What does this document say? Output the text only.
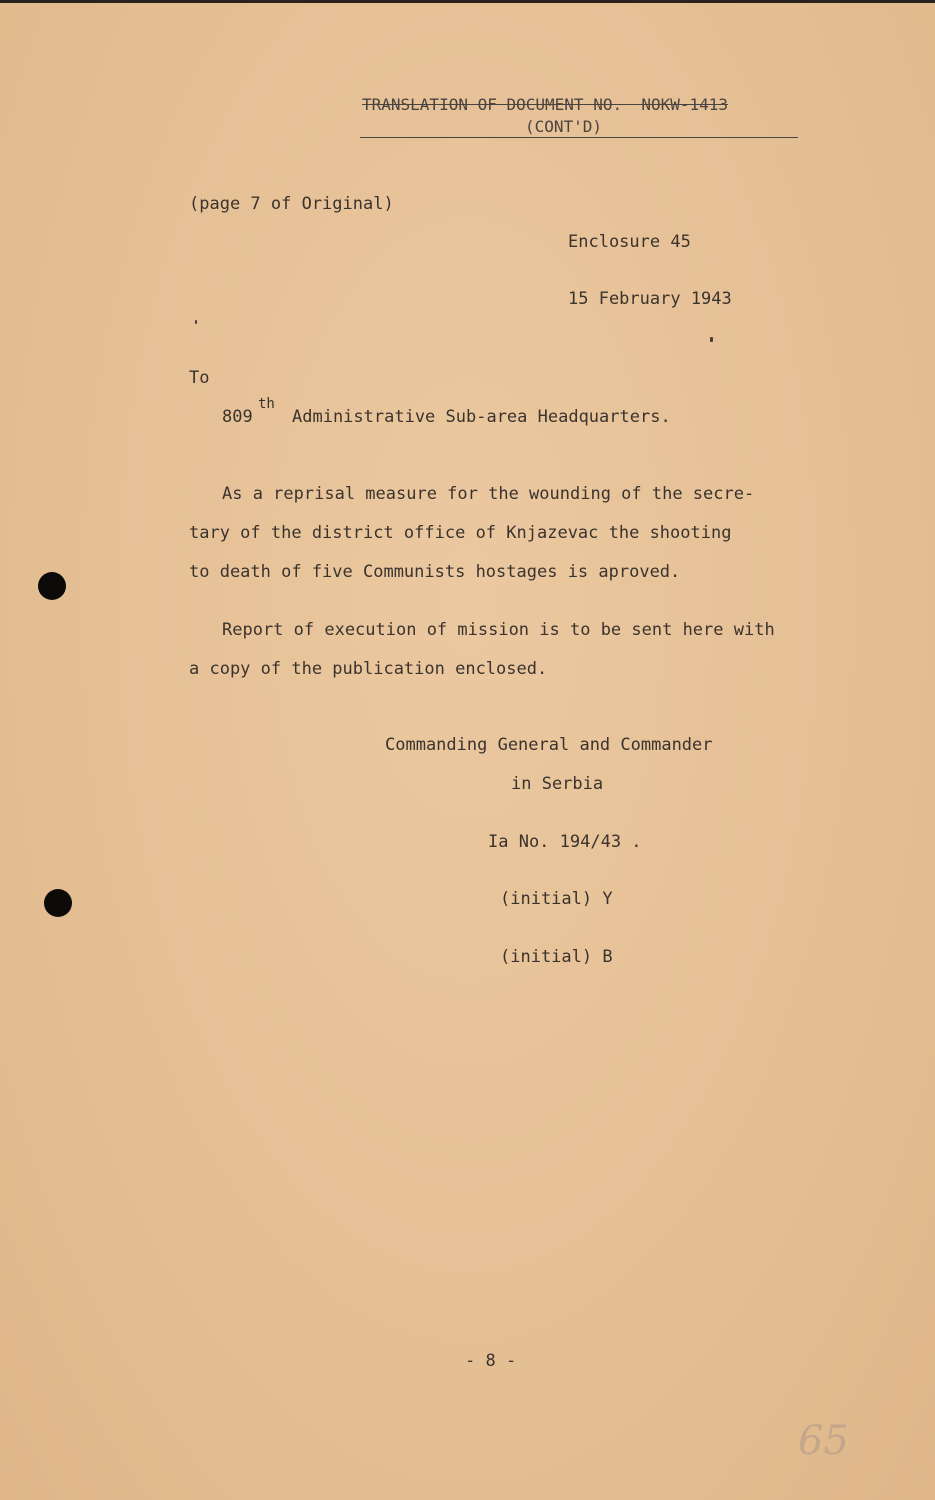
TRANSLATION OF DOCUMENT NO.  NOKW-1413
(CONT'D)
(page 7 of Original)
Enclosure 45
15 February 1943
To
809
th
Administrative Sub-area Headquarters.
As a reprisal measure for the wounding of the secre-
tary of the district office of Knjazevac the shooting
to death of five Communists hostages is aproved.
Report of execution of mission is to be sent here with
a copy of the publication enclosed.
Commanding General and Commander
in Serbia
Ia No. 194/43 .
(initial) Y
(initial) B
- 8 -
65
